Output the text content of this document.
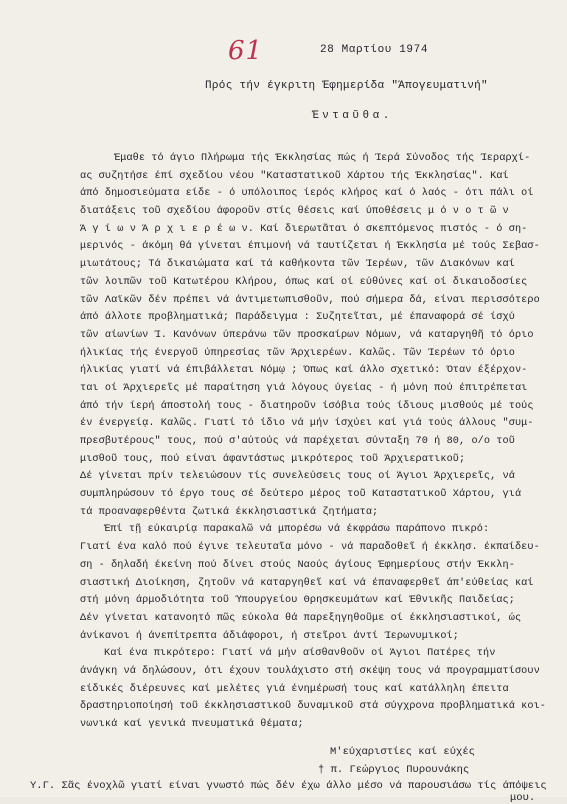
61	28 Μαρτίου 1974
Πρός τήν έγκριτη Έφημερίδα "Άπογευματινή"
Ένταῦθα.
Έμαθε τό άγιο Πλήρωμα τής Έκκλησίας πώς ή Ίερά Σύνοδος τής Ίεραρχί-
ας συζητήσε έπί σχεδίου νέου "Καταστατικοῦ Χάρτου τής Έκκλησίας". Καί
άπό δημοσιεύματα είδε - ό υπόλοιπος ίερός κλήρος καί ό λαός - ότι πάλι οί
διατάξεις τοῦ σχεδίου άφοροῦν στίς θέσεις καί ύποθέσεις μ ό ν ο τ ῶ ν
Ά γ ί ω ν Ά ρ χ ι ε ρ έ ω ν. Καί διερωτᾶται ό σκεπτόμενος πιστός - ό ση-
μερινός - άκόμη θά γίνεται έπιμονή νά ταυτίζεται ή Έκκλησία μέ τούς Σεβασ-
μιωτάτους; Τά δικαιώματα καί τά καθήκοντα τῶν Ίερέων, τῶν Διακόνων καί
τῶν λοιπῶν τοῦ Κατωτέρου Κλήρου, όπως καί οί εύθύνες καί οί δικαιοδοσίες
τῶν Λαϊκῶν δέν πρέπει νά άντιμετωπισθοῦν, πού σήμερα δά, είναι περισσότερο
άπό άλλοτε προβληματικά; Παράδειγμα : Συζητεῖται, μέ έπαναφορά σέ ίσχύ
τῶν αίωνίων Ί. Κανόνων ύπεράνω τῶν προσκαίρων Νόμων, νά καταργηθῆ τό όριο
ήλικίας τής ένεργοῦ ύπηρεσίας τῶν Άρχιερέων. Καλῶς. Τῶν Ίερέων τό όριο
ήλικίας γιατί νά έπιβάλλεται Νόμῳ ; Όπως καί άλλο σχετικό: Όταν έξέρχον-
ται οί Άρχιερεῖς μέ παραίτηση γιά λόγους ύγείας - ή μόνη πού έπιτρέπεται
άπό τήν ίερή άποστολή τους - διατηροῦν ίσόβια τούς ίδιους μισθούς μέ τούς
έν ένεργείᾳ. Καλῶς. Γιατί τό ίδιο νά μήν ίσχύει καί γιά τούς άλλους "συμ-
πρεσβυτέρους" τους, πού σ'αύτούς νά παρέχεται σύνταξη 70 ή 80, ο/ο τοῦ
μισθοῦ τους, πού είναι άφαντάστως μικρότερος τοῦ Άρχιερατικοῦ;
Δέ γίνεται πρίν τελειώσουν τίς συνελεύσεις τους οί Άγιοι Άρχιερεῖς, νά
συμπληρώσουν τό έργο τους σέ δεύτερο μέρος τοῦ Καταστατικοῦ Χάρτου, γιά
τά προαναφερθέντα ζωτικά έκκλησιαστικά ζητήματα;
Έπί τῇ εύκαιρίᾳ παρακαλῶ νά μπορέσω νά έκφράσω παράπονο πικρό:
Γιατί ένα καλό πού έγινε τελευταῖα μόνο - νά παραδοθεῖ ή έκκλησ. έκπαίδευ-
ση - δηλαδή έκείνη πού δίνει στούς Ναούς άγίους Έφημερίους στήν Έκκλη-
σιαστική Διοίκηση, ζητοῦν νά καταργηθεῖ καί νά έπαναφερθεῖ άπ'εύθείας καί
στή μόνη άρμοδιότητα τοῦ Ύπουργείου Θρησκευμάτων καί Έθνικῆς Παιδείας;
Δέν γίνεται κατανοητό πῶς εύκολα θά παρεξηγηθοῦμε οί έκκλησιαστικοί, ώς
άνίκανοι ή άνεπίτρεπτα άδιάφοροι, ή στεῖροι άντί Ίερωνυμικοί;
Καί ένα πικρότερο: Γιατί νά μήν αίσθανθοῦν οί Άγιοι Πατέρες τήν
άνάγκη νά δηλώσουν, ότι έχουν τουλάχιστο στή σκέψη τους νά προγραμματίσουν
είδικές διέρευνες καί μελέτες γιά ένημέρωσή τους καί κατάλληλη έπειτα
δραστηριοποίησή τοῦ έκκλησιαστικοῦ δυναμικοῦ στά σύγχρονα προβληματικά κοι-
νωνικά καί γενικά πνευματικά θέματα;
Μ'εύχαριστίες καί εύχές
† π. Γεώργιος Πυρουνάκης
Υ.Γ. Σᾶς ένοχλῶ γιατί είναι γνωστό πώς δέν έχω άλλο μέσο νά παρουσιάσω τίς άπόψεις
μου.
